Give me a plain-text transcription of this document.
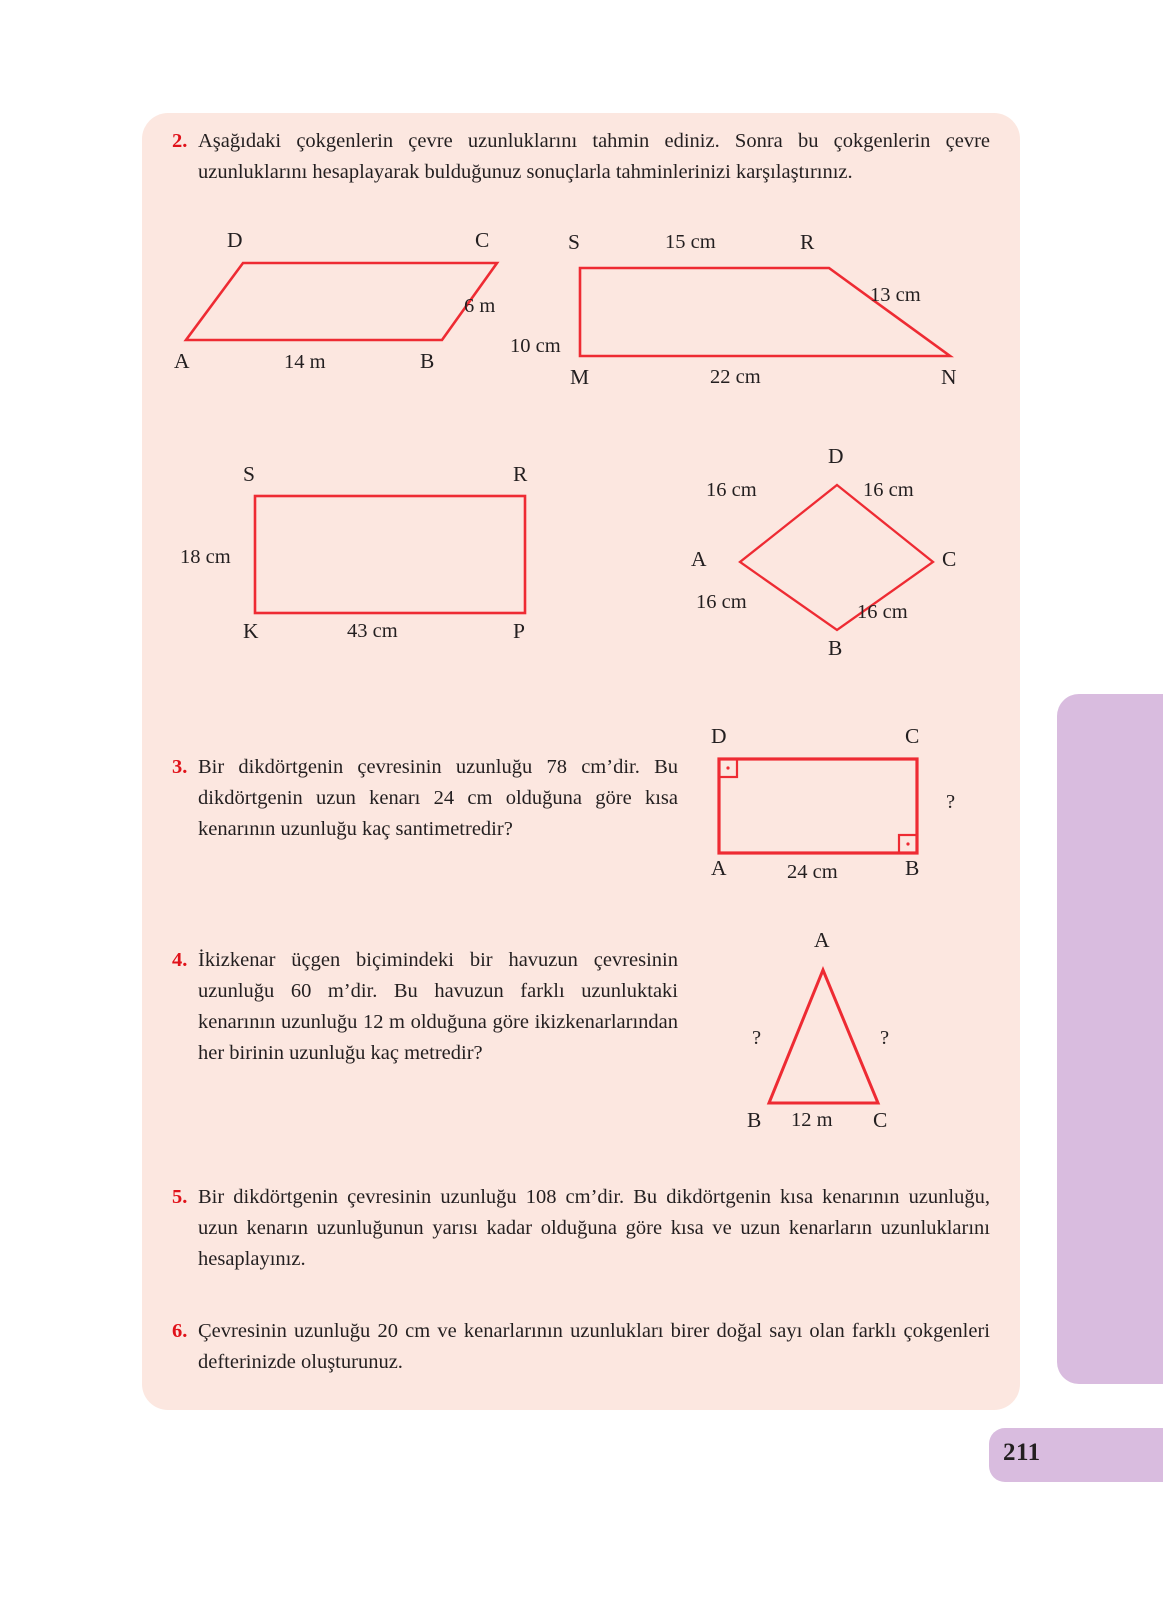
211
2. Aşağıdaki çokgenlerin çevre uzunluklarını tahmin ediniz. Sonra bu çokgenlerin çevre uzunluklarını hesaplayarak bulduğunuz sonuçlarla tahminlerinizi karşılaştırınız.
D	C
A	B
14 m
6 m
S	R
M	N
15 cm
10 cm
22 cm
13 cm
S	R
K	P
18 cm
43 cm
D
A	C
B
16 cm	16 cm
16 cm	16 cm
3. Bir dikdörtgenin çevresinin uzunluğu 78 cm’dir. Bu dikdörtgenin uzun kenarı 24 cm olduğuna göre kısa kenarının uzunluğu kaç santimetredir?
D	C
A	B
24 cm
?
4. İkizkenar üçgen biçimindeki bir havuzun çevresinin uzunluğu 60 m’dir. Bu havuzun farklı uzunluktaki kenarının uzunluğu 12 m olduğuna göre ikizkenarlarından her birinin uzunluğu kaç metredir?
A
B	C
?	?
12 m
5. Bir dikdörtgenin çevresinin uzunluğu 108 cm’dir. Bu dikdörtgenin kısa kenarının uzunluğu, uzun kenarın uzunluğunun yarısı kadar olduğuna göre kısa ve uzun kenarların uzunluklarını hesaplayınız.
6. Çevresinin uzunluğu 20 cm ve kenarlarının uzunlukları birer doğal sayı olan farklı çokgenleri defterinizde oluşturunuz.
